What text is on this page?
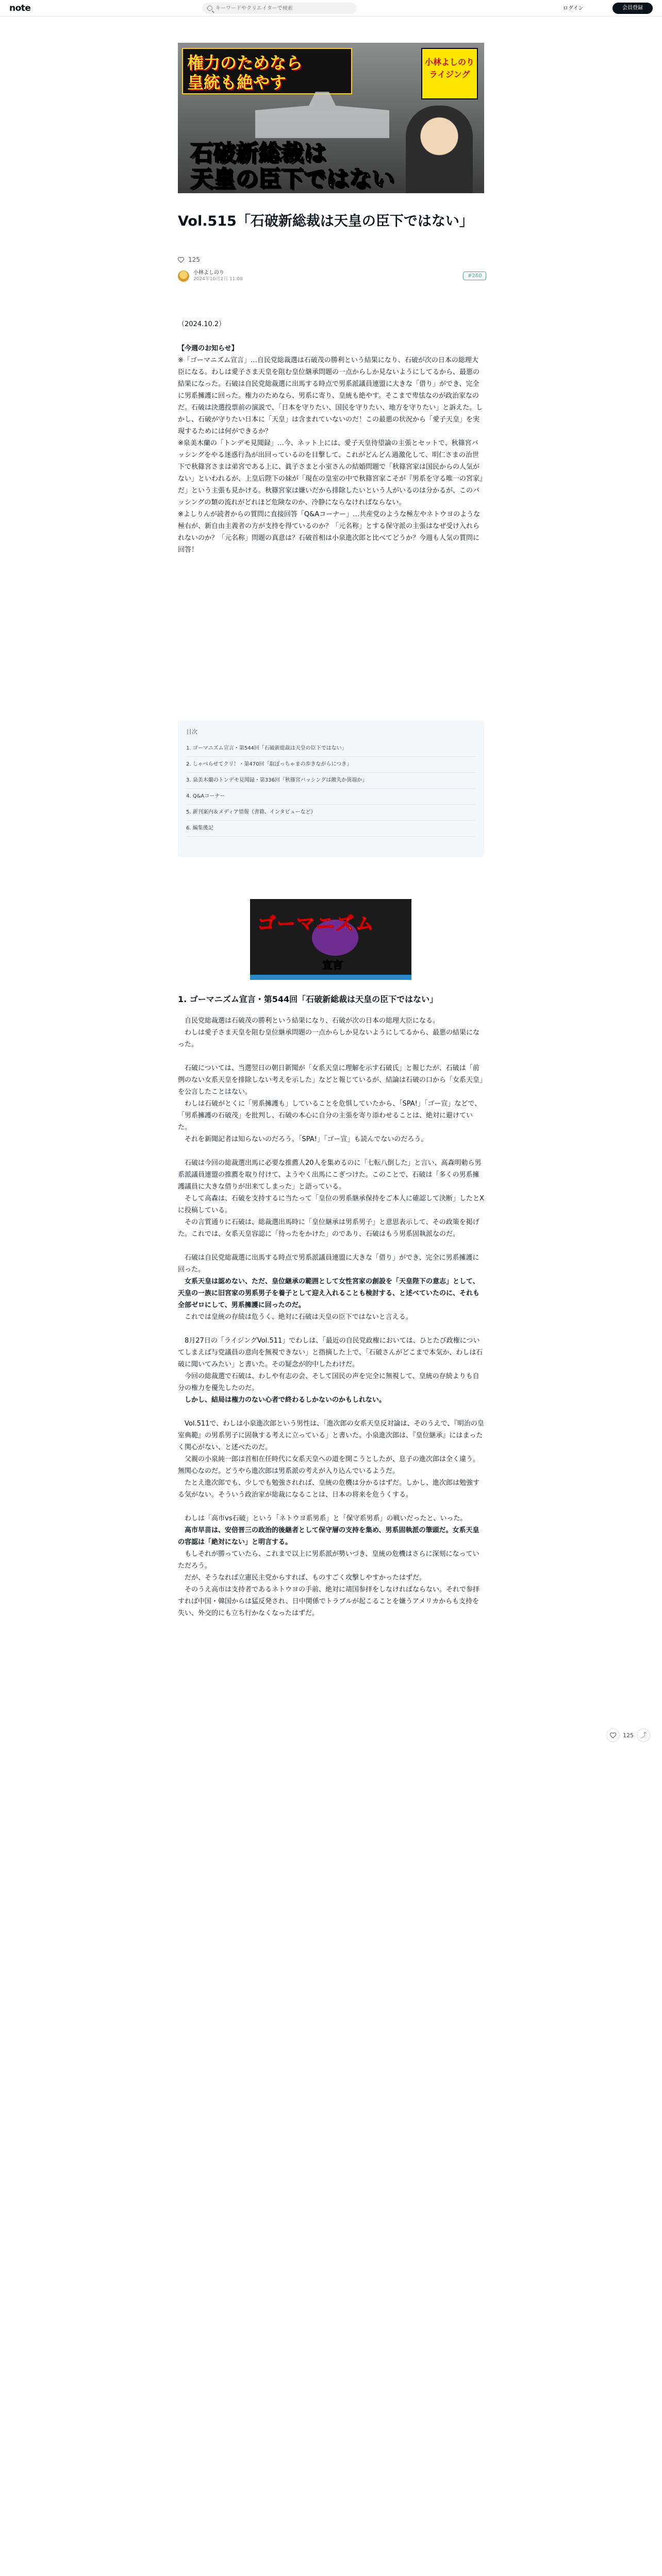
note
キーワードやクリエイターで検索	ログイン	会員登録
権力のためなら
皇統も絶やす
小林よしのり ライジング
石破新総裁は
天皇の臣下ではない
Vol.515「石破新総裁は天皇の臣下ではない」
125
小林よしのり
2024年10月2日 11:00
#260

（2024.10.2）

【今週のお知らせ】

※「ゴーマニズム宣言」…自民党総裁選は石破茂の勝利という結果になり、石破が次の日本の総理大臣になる。わしは愛子さま天皇を阻む皇位継承問題の一点からしか見ないようにしてるから、最悪の結果になった。石破は自民党総裁選に出馬する時点で男系派議員連盟に大きな「借り」ができ、完全に男系擁護に回った。権力のためなら、男系に寄り、皇統も絶やす。そこまで卑怯なのが政治家なのだ。石破は決選投票前の演説で、「日本を守りたい、国民を守りたい、地方を守りたい」と訴えた。しかし、石破が守りたい日本に「天皇」は含まれていないのだ！この最悪の状況から「愛子天皇」を実現するためには何ができるか？

※泉美木蘭の「トンデモ見聞録」…今、ネット上には、愛子天皇待望論の主張とセットで、秋篠宮バッシングをやる迷惑行為が出回っているのを目撃して、これがどんどん過激化して、明仁さまの治世下で秋篠宮さまは弟宮である上に、眞子さまと小室さんの結婚問題で「秋篠宮家は国民からの人気がない」といわれるが、上皇后陛下の妹が「現在の皇室の中で秋篠宮家こそが『男系を守る唯一の宮家』だ」という主張も見かける。秋篠宮家は嫌いだから排除したいという人がいるのは分かるが、このバッシングの類の流れがどれほど危険なのか、冷静にならなければならない。

※よしりんが読者からの質問に直接回答「Q&Aコーナー」…共産党のような極左やネトウヨのような極右が、新自由主義者の方が支持を得ているのか？「元名称」とする保守派の主張はなぜ受け入れられないのか？「元名称」問題の真意は？石破首相は小泉進次郎と比べてどうか？今週も人気の質問に回答！

目次
1. ゴーマニズム宣言・第544回「石破新総裁は天皇の臣下ではない」
2. しゃべらせてクリ！・第470回「取ぼっちゃまの歩きながらにつき」
3. 泉美木蘭のトンデモ見聞録・第336回「秋篠宮バッシングは敵失か異端か」
4. Q&Aコーナー
5. 新刊案内＆メディア情報（書籍、インタビューなど）
6. 編集後記
ゴーマニズム
宣言
1. ゴーマニズム宣言・第544回「石破新総裁は天皇の臣下ではない」

　自民党総裁選は石破茂の勝利という結果になり、石破が次の日本の総理大臣になる。

　わしは愛子さま天皇を阻む皇位継承問題の一点からしか見ないようにしてるから、最悪の結果になった。

　石破については、当選翌日の朝日新聞が「女系天皇に理解を示す石破氏」と報じたが、石破は「前例のない女系天皇を排除しない考えを示した」などと報じているが、結論は石破の口から「女系天皇」を公言したことはない。

　わしは石破がとくに「男系擁護も」していることを危惧していたから、「SPA!」「ゴー宣」などで、「男系擁護の石破茂」を批判し、石破の本心に自分の主張を寄り添わせることは、絶対に避けていた。

　それを新聞記者は知らないのだろう。「SPA!」「ゴー宣」も読んでないのだろう。

　石破は今回の総裁選出馬に必要な推薦人20人を集めるのに「七転八倒した」と言い、高森明勅ら男系派議員連盟の推薦を取り付けて、ようやく出馬にこぎつけた。このことで、石破は「多くの男系擁護議員に大きな借りが出来てしまった」と語っている。

　そして高森は、石破を支持するに当たって「皇位の男系継承保持をご本人に確認して決断」したとXに投稿している。

　その言質通りに石破は、総裁選出馬時に「皇位継承は男系男子」と意思表示して、その政策を掲げた。これでは、女系天皇容認に「待ったをかけた」のであり、石破はもう男系固執派なのだ。

　石破は自民党総裁選に出馬する時点で男系派議員連盟に大きな「借り」ができ、完全に男系擁護に回った。

　女系天皇は認めない、ただ、皇位継承の範囲として女性宮家の創設を「天皇陛下の意志」として、天皇の一族に旧宮家の男系男子を養子として迎え入れることも検討する、と述べていたのに、それも全部ゼロにして、男系擁護に回ったのだ。

　これでは皇統の存続は危うく、絶対に石破は天皇の臣下ではないと言える。

　8月27日の「ライジングVol.511」でわしは、「最近の自民党政権においては、ひとたび政権についてしまえば与党議員の意向を無視できない」と指摘した上で、「石破さんがどこまで本気か、わしは石破に聞いてみたい」と書いた。その疑念が的中したわけだ。

　今回の総裁選で石破は、わしや有志の会、そして国民の声を完全に無視して、皇統の存続よりも自分の権力を優先したのだ。

　しかし、結局は権力のない心者で終わるしかないのかもしれない。

　Vol.511で、わしは小泉進次郎という男性は、「進次郎の女系天皇反対論は、そのうえで、『明治の皇室典範』の男系男子に固執する考えに立っている」と書いた。小泉進次郎は、『皇位継承』にはまったく関心がない、と述べたのだ。

　父親の小泉純一郎は首相在任時代に女系天皇への道を開こうとしたが、息子の進次郎は全く違う。無関心なのだ。どうやら進次郎は男系派の考えが入り込んでいるようだ。

　たとえ進次郎でも、少しでも勉強されれば、皇統の危機は分かるはずだ。しかし、進次郎は勉強する気がない。そういう政治家が総裁になることは、日本の将来を危うくする。

　わしは「高市vs石破」という「ネトウヨ系男系」と「保守系男系」の戦いだったと、いった。

　高市早苗は、安倍晋三の政治的後継者として保守層の支持を集め、男系固執派の筆頭だ。女系天皇の容認は「絶対にない」と明言する。

　もしそれが勝っていたら、これまで以上に男系派が勢いづき、皇統の危機はさらに深刻になっていただろう。

　だが、そうなれば立憲民主党からすれば、ものすごく攻撃しやすかったはずだ。

　そのうえ高市は支持者であるネトウヨの手前、絶対に靖国参拝をしなければならない。それで参拝すれば中国・韓国からは猛反発され、日中関係でトラブルが起こることを嫌うアメリカからも支持を失い、外交的にも立ち行かなくなったはずだ。

125 ⤴
